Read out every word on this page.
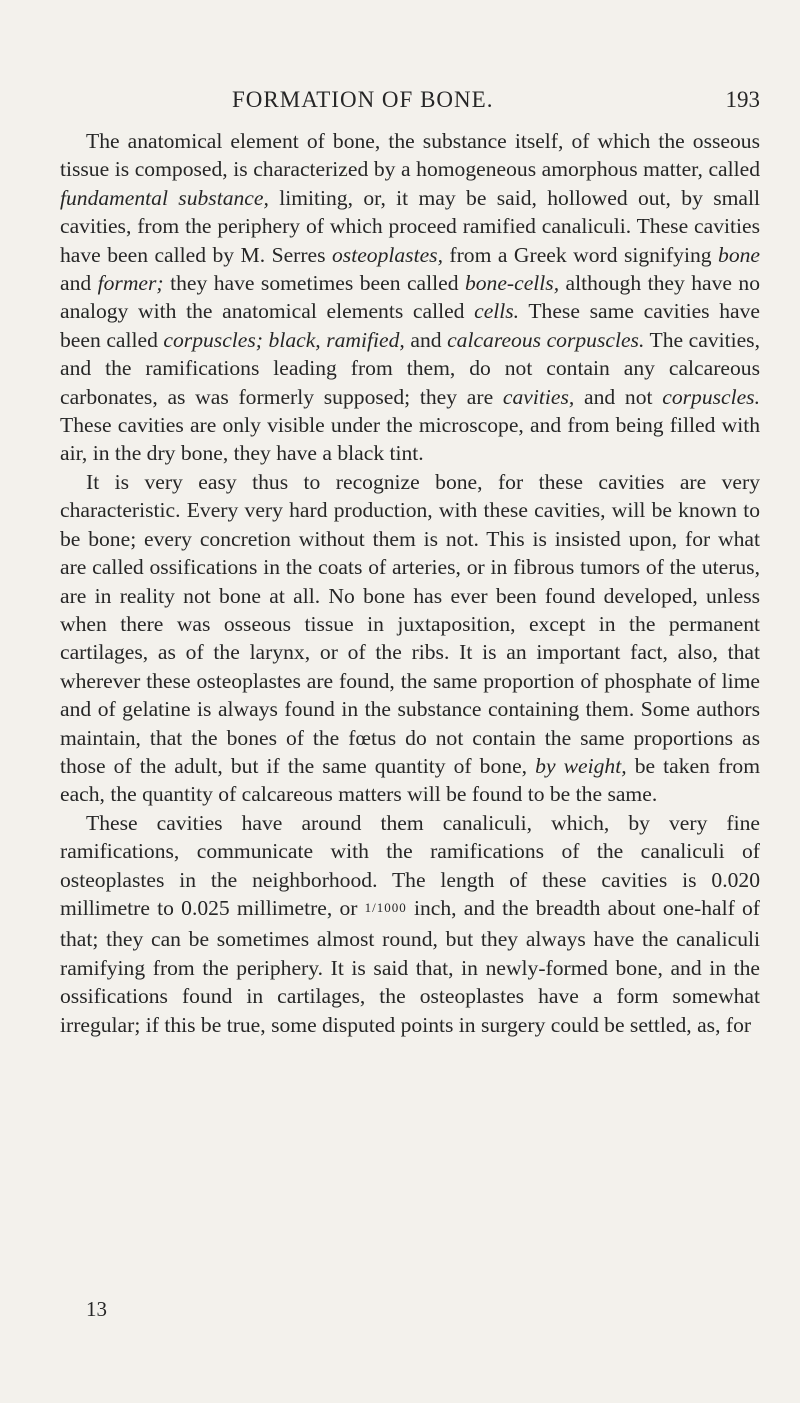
FORMATION OF BONE.	193

The anatomical element of bone, the substance itself, of which the osseous tissue is composed, is characterized by a homogeneous amorphous matter, called fundamental substance, limiting, or, it may be said, hollowed out, by small cavities, from the periphery of which proceed ramified canaliculi. These cavities have been called by M. Serres osteoplastes, from a Greek word signifying bone and former; they have sometimes been called bone-cells, although they have no analogy with the anatomical elements called cells. These same cavities have been called corpuscles; black, ramified, and calcareous corpuscles. The cavities, and the ramifications leading from them, do not contain any calcareous carbonates, as was formerly supposed; they are cavities, and not corpuscles. These cavities are only visible under the microscope, and from being filled with air, in the dry bone, they have a black tint.

It is very easy thus to recognize bone, for these cavities are very characteristic. Every very hard production, with these cavities, will be known to be bone; every concretion without them is not. This is insisted upon, for what are called ossifications in the coats of arteries, or in fibrous tumors of the uterus, are in reality not bone at all. No bone has ever been found developed, unless when there was osseous tissue in juxtaposition, except in the permanent cartilages, as of the larynx, or of the ribs. It is an important fact, also, that wherever these osteoplastes are found, the same proportion of phosphate of lime and of gelatine is always found in the substance containing them. Some authors maintain, that the bones of the fœtus do not contain the same proportions as those of the adult, but if the same quantity of bone, by weight, be taken from each, the quantity of calcareous matters will be found to be the same.

These cavities have around them canaliculi, which, by very fine ramifications, communicate with the ramifications of the canaliculi of osteoplastes in the neighborhood. The length of these cavities is 0.020 millimetre to 0.025 millimetre, or 1/1000 inch, and the breadth about one-half of that; they can be sometimes almost round, but they always have the canaliculi ramifying from the periphery. It is said that, in newly-formed bone, and in the ossifications found in cartilages, the osteoplastes have a form somewhat irregular; if this be true, some disputed points in surgery could be settled, as, for

13
